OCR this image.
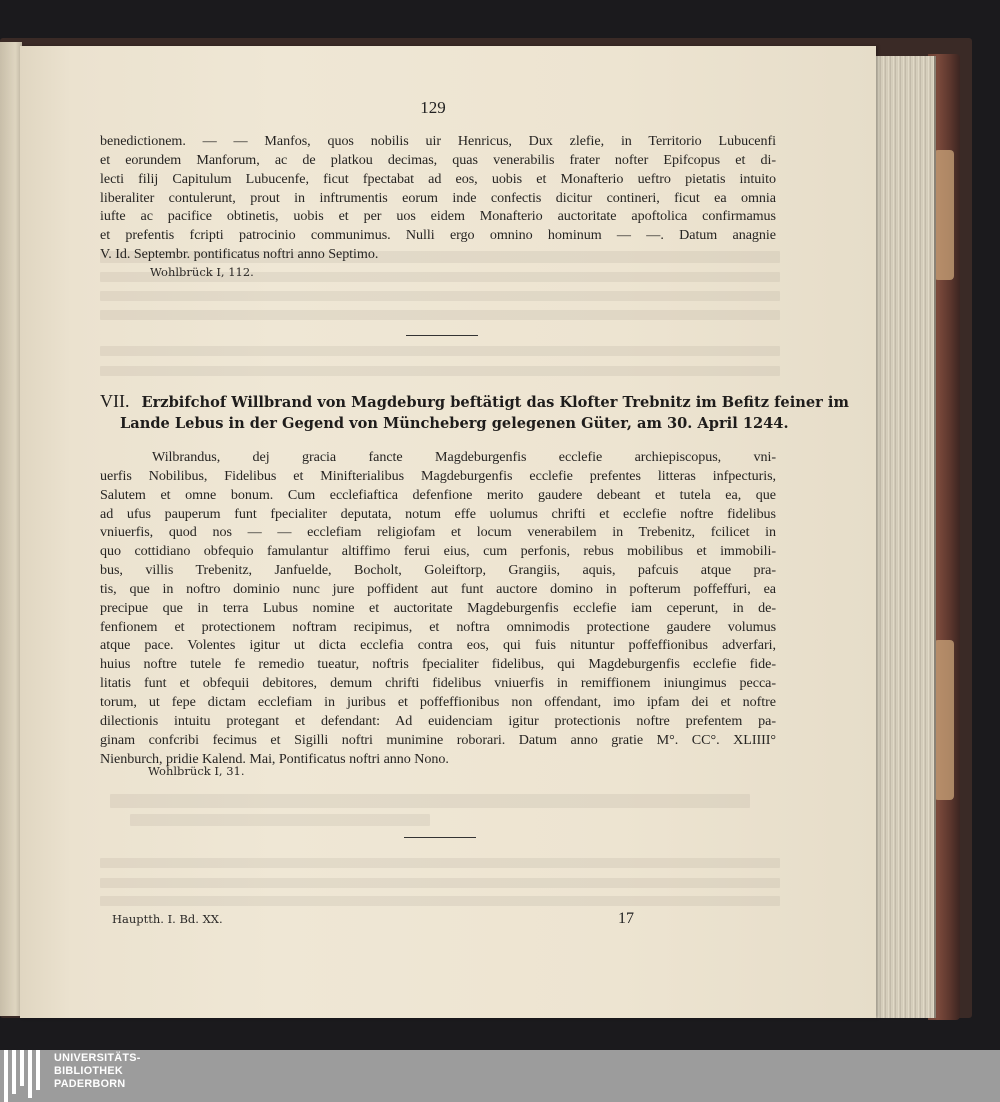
129
benedictionem. — — Manfos, quos nobilis uir Henricus, Dux zlefie, in Territorio Lubucenfi
et eorundem Manforum, ac de platkou decimas, quas venerabilis frater nofter Epifcopus et di-
lecti filij Capitulum Lubucenfe, ficut fpectabat ad eos, uobis et Monafterio ueftro pietatis intuito
liberaliter contulerunt, prout in inftrumentis eorum inde confectis dicitur contineri, ficut ea omnia
iufte ac pacifice obtinetis, uobis et per uos eidem Monafterio auctoritate apoftolica confirmamus
et prefentis fcripti patrocinio communimus. Nulli ergo omnino hominum — —. Datum anagnie
V. Id. Septembr. pontificatus noftri anno Septimo.
Wohlbrück I, 112.
VII. Erzbifchof Willbrand von Magdeburg beftätigt das Klofter Trebnitz im Befitz feiner im
Lande Lebus in der Gegend von Müncheberg gelegenen Güter, am 30. April 1244.
Wilbrandus, dej gracia fancte Magdeburgenfis ecclefie archiepiscopus, vni-
uerfis Nobilibus, Fidelibus et Minifterialibus Magdeburgenfis ecclefie prefentes litteras infpecturis,
Salutem et omne bonum. Cum ecclefiaftica defenfione merito gaudere debeant et tutela ea, que
ad ufus pauperum funt fpecialiter deputata, notum effe uolumus chrifti et ecclefie noftre fidelibus
vniuerfis, quod nos — — ecclefiam religiofam et locum venerabilem in Trebenitz, fcilicet in
quo cottidiano obfequio famulantur altiffimo ferui eius, cum perfonis, rebus mobilibus et immobili-
bus, villis Trebenitz, Janfuelde, Bocholt, Goleiftorp, Grangiis, aquis, pafcuis atque pra-
tis, que in noftro dominio nunc jure poffident aut funt auctore domino in pofterum poffeffuri, ea
precipue que in terra Lubus nomine et auctoritate Magdeburgenfis ecclefie iam ceperunt, in de-
fenfionem et protectionem noftram recipimus, et noftra omnimodis protectione gaudere volumus
atque pace. Volentes igitur ut dicta ecclefia contra eos, qui fuis nituntur poffeffionibus adverfari,
huius noftre tutele fe remedio tueatur, noftris fpecialiter fidelibus, qui Magdeburgenfis ecclefie fide-
litatis funt et obfequii debitores, demum chrifti fidelibus vniuerfis in remiffionem iniungimus pecca-
torum, ut fepe dictam ecclefiam in juribus et poffeffionibus non offendant, imo ipfam dei et noftre
dilectionis intuitu protegant et defendant: Ad euidenciam igitur protectionis noftre prefentem pa-
ginam confcribi fecimus et Sigilli noftri munimine roborari. Datum anno gratie M°. CC°. XLIIII°
Nienburch, pridie Kalend. Mai, Pontificatus noftri anno Nono.
Wohlbrück I, 31.
Hauptth. I. Bd. XX.	17
UNIVERSITÄTS-
BIBLIOTHEK
PADERBORN
